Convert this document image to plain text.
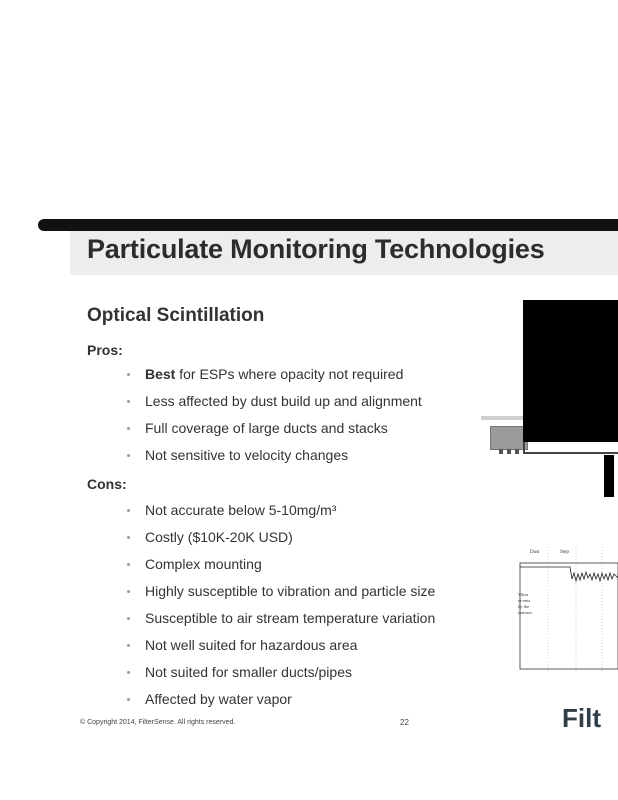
Particulate Monitoring Technologies
Optical Scintillation
Pros:
Best for ESPs where opacity not required
Less affected by dust build up and alignment
Full coverage of large ducts and stacks
Not sensitive to velocity changes
Cons:
Not accurate below 5-10mg/m³
Costly ($10K-20K USD)
Complex mounting
Highly susceptible to vibration and particle size
Susceptible to air stream temperature variation
Not well suited for hazardous area
Not suited for smaller ducts/pipes
Affected by water vapor
Dust	Step
Vibra
m-ents
by the
instrum
Filt
© Copyright 2014, FilterSense. All rights reserved.	22
